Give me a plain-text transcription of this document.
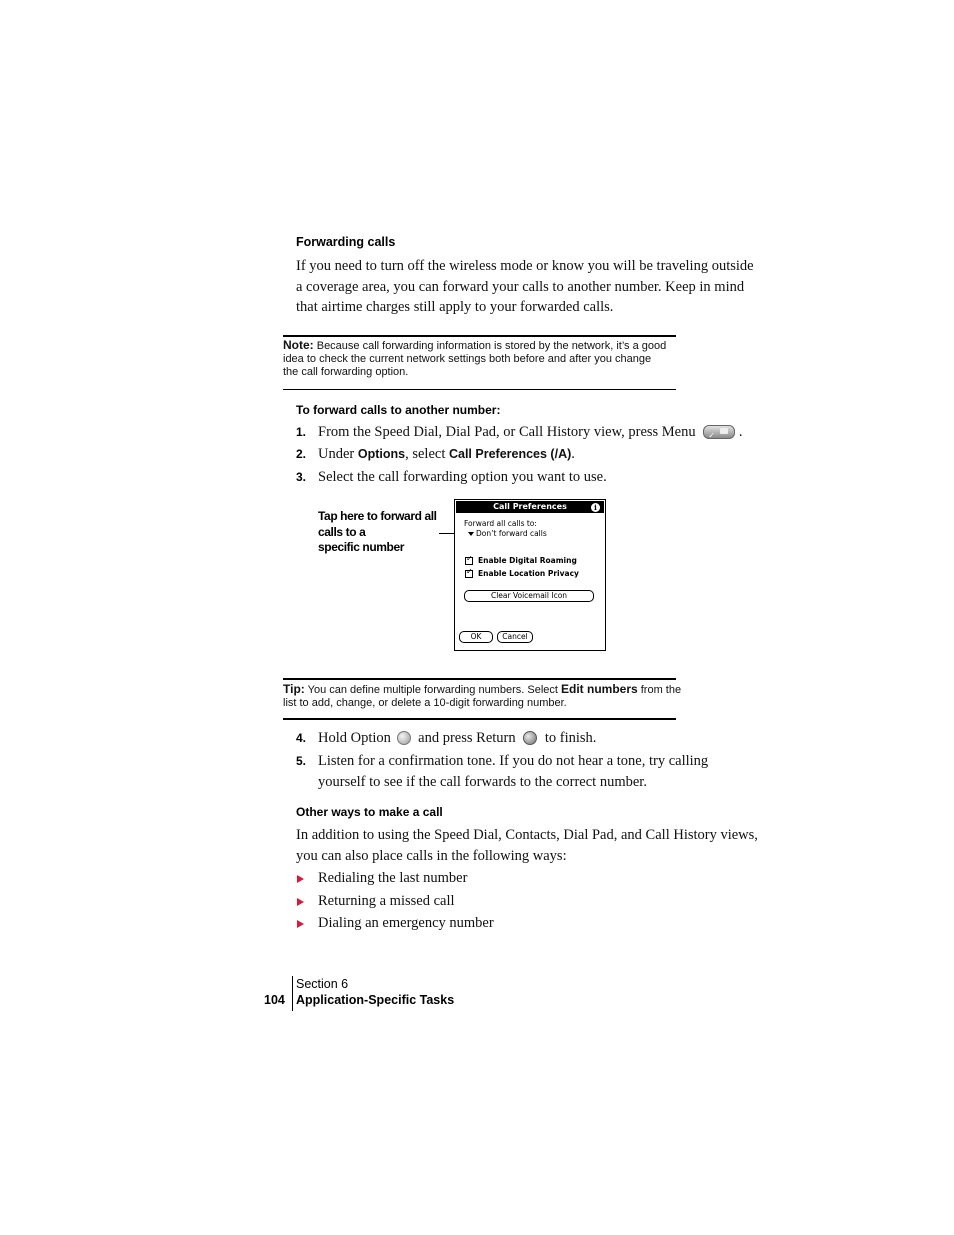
Forwarding calls
If you need to turn off the wireless mode or know you will be traveling outside
a coverage area, you can forward your calls to another number. Keep in mind
that airtime charges still apply to your forwarded calls.
Note: Because call forwarding information is stored by the network, it’s a good
idea to check the current network settings both before and after you change
the call forwarding option.
To forward calls to another number:
1. From the Speed Dial, Dial Pad, or Call History view, press Menu ✓ .
2. Under Options, select Call Preferences (/A).
3. Select the call forwarding option you want to use.
Tap here to forward all
calls to a
specific number
Call Preferences	i
Forward all calls to:
Don’t forward calls
✓ Enable Digital Roaming
✓ Enable Location Privacy
Clear Voicemail Icon
OK	Cancel
Tip: You can define multiple forwarding numbers. Select Edit numbers from the
list to add, change, or delete a 10-digit forwarding number.
4. Hold Option and press Return to finish.
5. Listen for a confirmation tone. If you do not hear a tone, try calling
yourself to see if the call forwards to the correct number.
Other ways to make a call
In addition to using the Speed Dial, Contacts, Dial Pad, and Call History views,
you can also place calls in the following ways:
Redialing the last number
Returning a missed call
Dialing an emergency number
Section 6
104 Application-Specific Tasks
